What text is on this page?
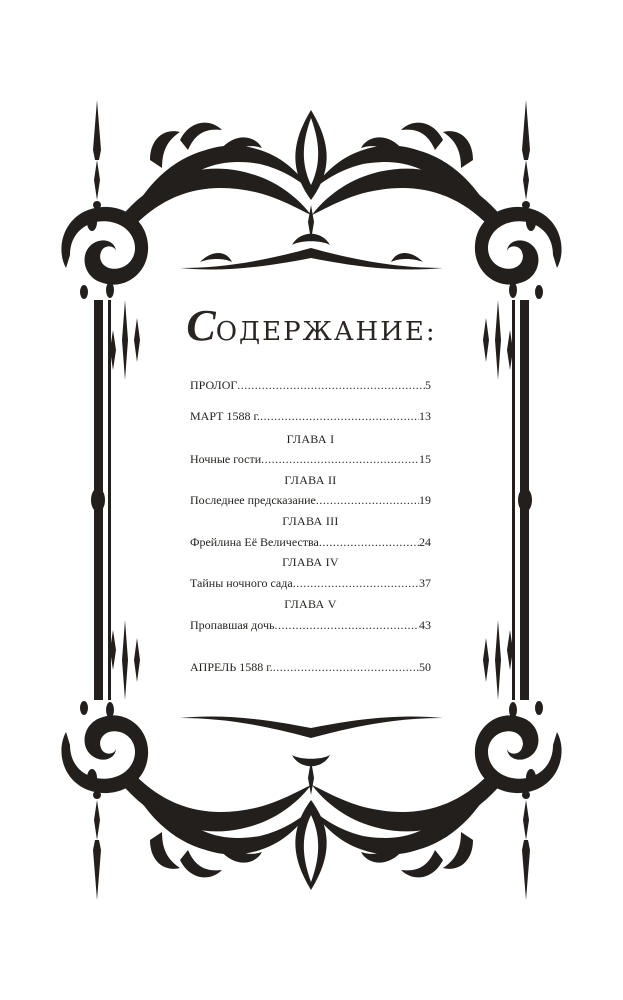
СОДЕРЖАНИЕ:
ПРОЛОГ .....	5
МАРТ 1588 г. .....	13
ГЛАВА I
Ночные гости .....	15
ГЛАВА II
Последнее предсказание .....	19
ГЛАВА III
Фрейлина Её Величества .....	24
ГЛАВА IV
Тайны ночного сада .....	37
ГЛАВА V
Пропавшая дочь .....	43
АПРЕЛЬ 1588 г. .....	50
